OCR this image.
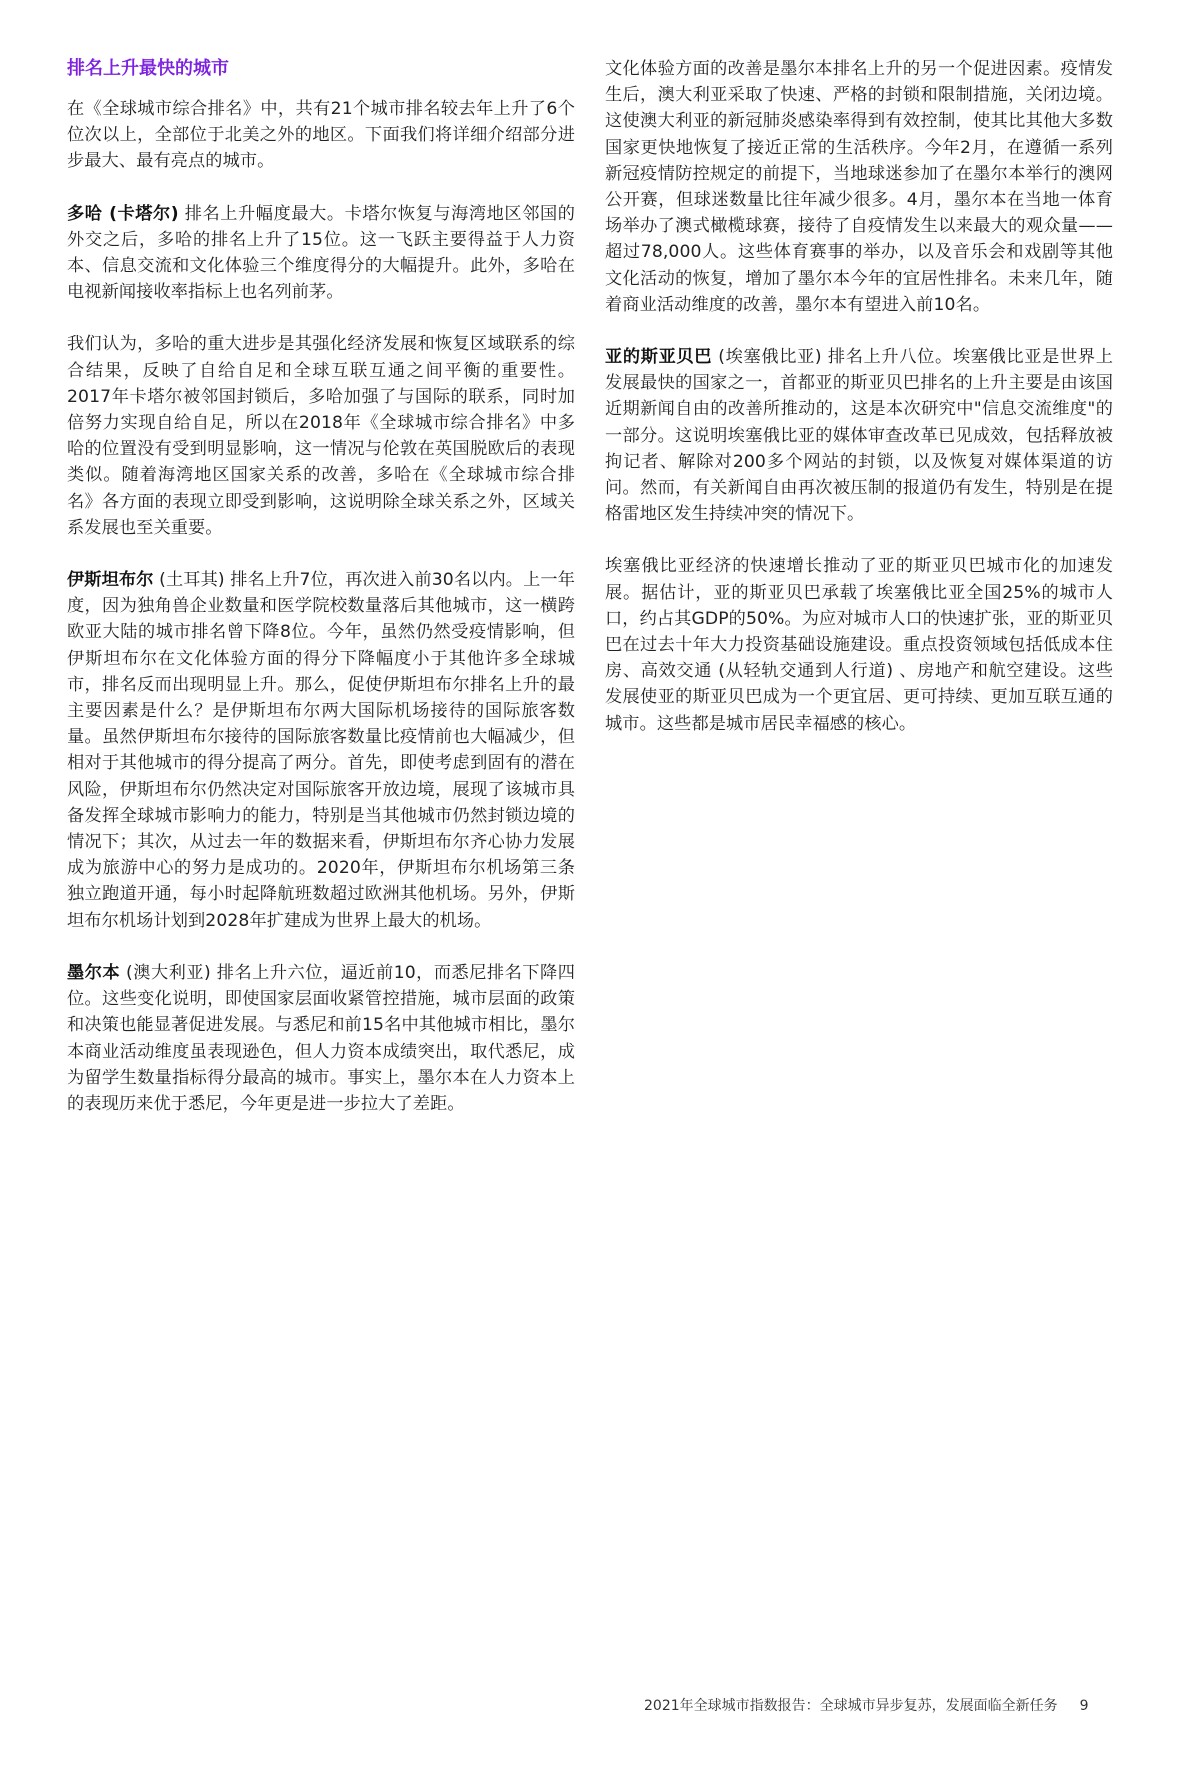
排名上升最快的城市

在《全球城市综合排名》中，共有21个城市排名较去年上升了6个位次以上，全部位于北美之外的地区。下面我们将详细介绍部分进步最大、最有亮点的城市。

多哈 (卡塔尔) 排名上升幅度最大。卡塔尔恢复与海湾地区邻国的外交之后，多哈的排名上升了15位。这一飞跃主要得益于人力资本、信息交流和文化体验三个维度得分的大幅提升。此外，多哈在电视新闻接收率指标上也名列前茅。

我们认为，多哈的重大进步是其强化经济发展和恢复区域联系的综合结果，反映了自给自足和全球互联互通之间平衡的重要性。2017年卡塔尔被邻国封锁后，多哈加强了与国际的联系，同时加倍努力实现自给自足，所以在2018年《全球城市综合排名》中多哈的位置没有受到明显影响，这一情况与伦敦在英国脱欧后的表现类似。随着海湾地区国家关系的改善，多哈在《全球城市综合排名》各方面的表现立即受到影响，这说明除全球关系之外，区域关系发展也至关重要。

伊斯坦布尔 (土耳其) 排名上升7位，再次进入前30名以内。上一年度，因为独角兽企业数量和医学院校数量落后其他城市，这一横跨欧亚大陆的城市排名曾下降8位。今年，虽然仍然受疫情影响，但伊斯坦布尔在文化体验方面的得分下降幅度小于其他许多全球城市，排名反而出现明显上升。那么，促使伊斯坦布尔排名上升的最主要因素是什么？是伊斯坦布尔两大国际机场接待的国际旅客数量。虽然伊斯坦布尔接待的国际旅客数量比疫情前也大幅减少，但相对于其他城市的得分提高了两分。首先，即使考虑到固有的潜在风险，伊斯坦布尔仍然决定对国际旅客开放边境，展现了该城市具备发挥全球城市影响力的能力，特别是当其他城市仍然封锁边境的情况下；其次，从过去一年的数据来看，伊斯坦布尔齐心协力发展成为旅游中心的努力是成功的。2020年，伊斯坦布尔机场第三条独立跑道开通，每小时起降航班数超过欧洲其他机场。另外，伊斯坦布尔机场计划到2028年扩建成为世界上最大的机场。

墨尔本 (澳大利亚) 排名上升六位，逼近前10，而悉尼排名下降四位。这些变化说明，即使国家层面收紧管控措施，城市层面的政策和决策也能显著促进发展。与悉尼和前15名中其他城市相比，墨尔本商业活动维度虽表现逊色，但人力资本成绩突出，取代悉尼，成为留学生数量指标得分最高的城市。事实上，墨尔本在人力资本上的表现历来优于悉尼，今年更是进一步拉大了差距。

文化体验方面的改善是墨尔本排名上升的另一个促进因素。疫情发生后，澳大利亚采取了快速、严格的封锁和限制措施，关闭边境。这使澳大利亚的新冠肺炎感染率得到有效控制，使其比其他大多数国家更快地恢复了接近正常的生活秩序。今年2月，在遵循一系列新冠疫情防控规定的前提下，当地球迷参加了在墨尔本举行的澳网公开赛，但球迷数量比往年减少很多。4月，墨尔本在当地一体育场举办了澳式橄榄球赛，接待了自疫情发生以来最大的观众量——超过78,000人。这些体育赛事的举办，以及音乐会和戏剧等其他文化活动的恢复，增加了墨尔本今年的宜居性排名。未来几年，随着商业活动维度的改善，墨尔本有望进入前10名。

亚的斯亚贝巴 (埃塞俄比亚) 排名上升八位。埃塞俄比亚是世界上发展最快的国家之一，首都亚的斯亚贝巴排名的上升主要是由该国近期新闻自由的改善所推动的，这是本次研究中"信息交流维度"的一部分。这说明埃塞俄比亚的媒体审查改革已见成效，包括释放被拘记者、解除对200多个网站的封锁，以及恢复对媒体渠道的访问。然而，有关新闻自由再次被压制的报道仍有发生，特别是在提格雷地区发生持续冲突的情况下。

埃塞俄比亚经济的快速增长推动了亚的斯亚贝巴城市化的加速发展。据估计，亚的斯亚贝巴承载了埃塞俄比亚全国25%的城市人口，约占其GDP的50%。为应对城市人口的快速扩张，亚的斯亚贝巴在过去十年大力投资基础设施建设。重点投资领域包括低成本住房、高效交通 (从轻轨交通到人行道) 、房地产和航空建设。这些发展使亚的斯亚贝巴成为一个更宜居、更可持续、更加互联互通的城市。这些都是城市居民幸福感的核心。

2021年全球城市指数报告：全球城市异步复苏，发展面临全新任务 9
